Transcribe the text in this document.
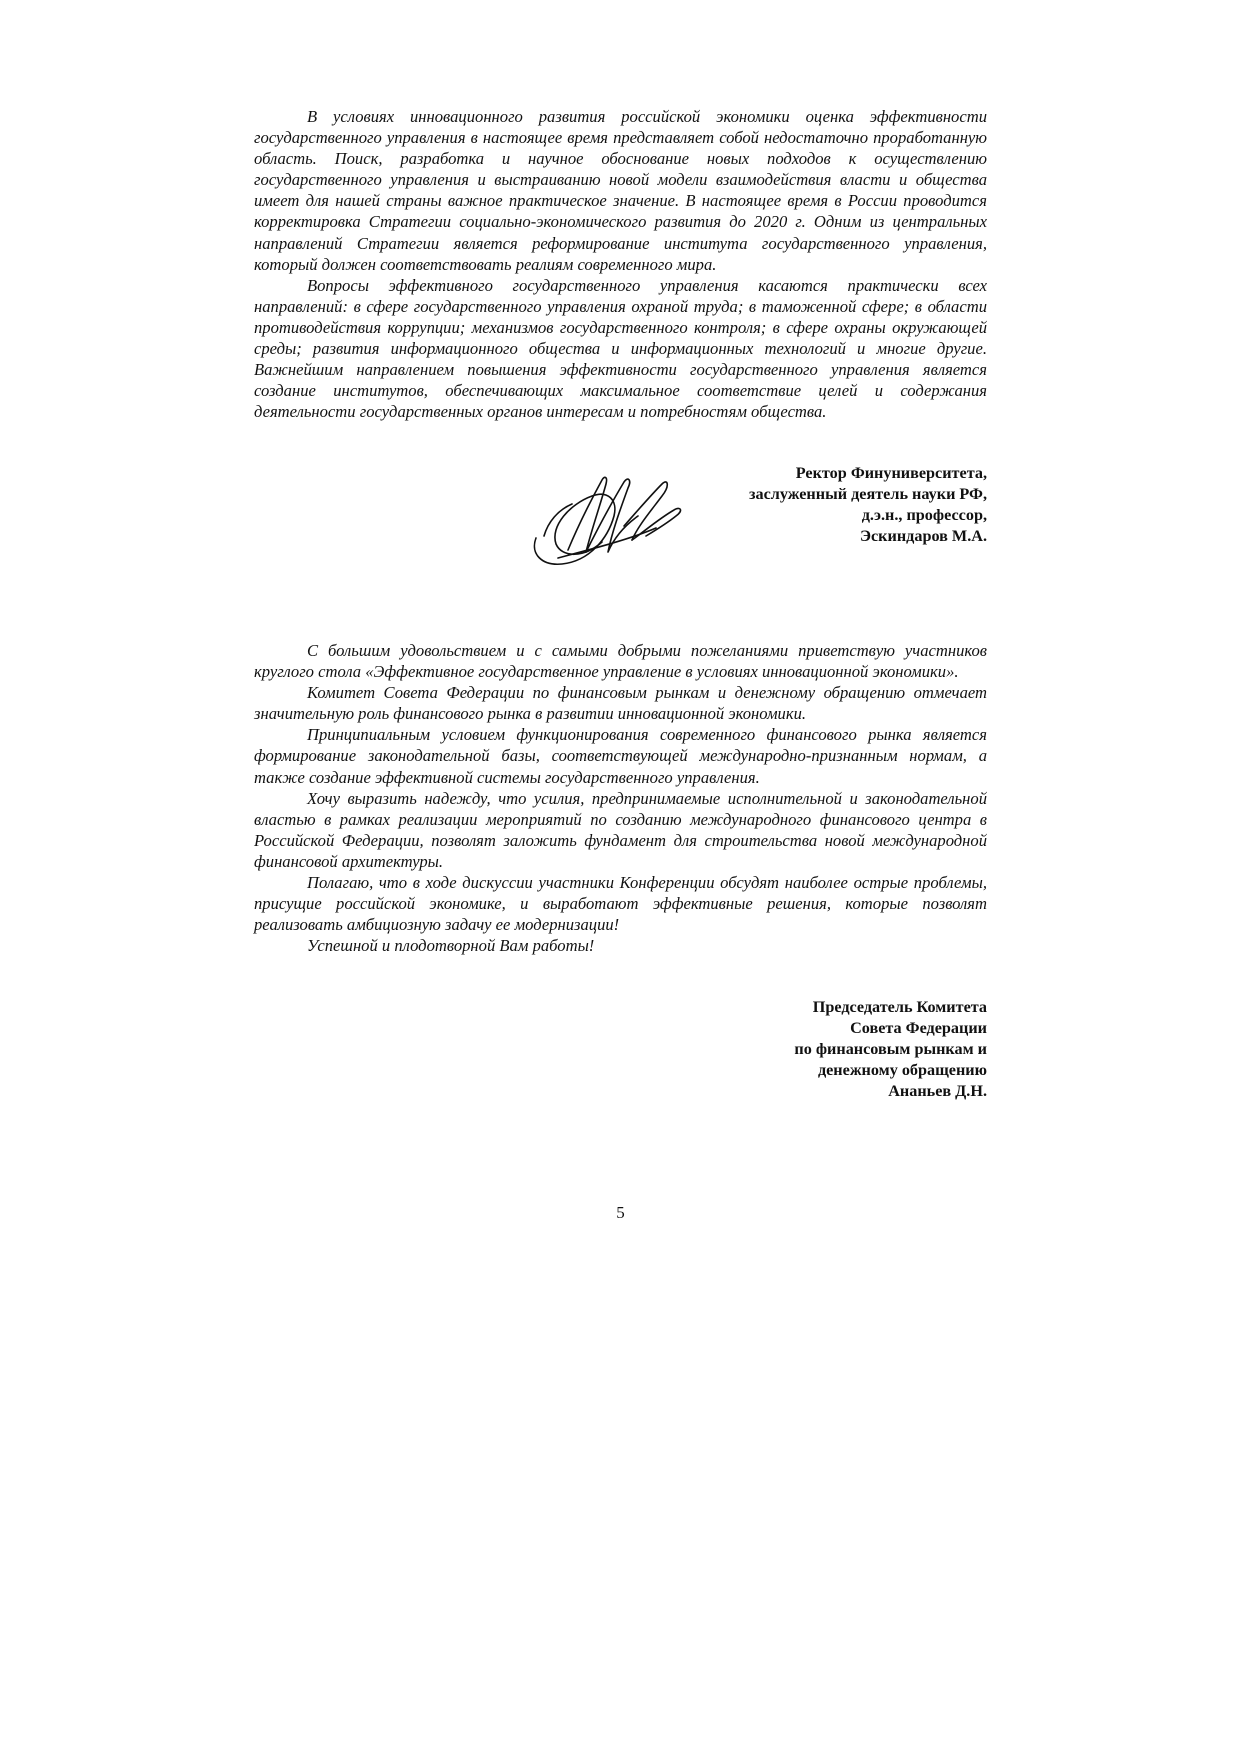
В условиях инновационного развития российской экономики оценка эффективности государственного управления в настоящее время представляет собой недостаточно проработанную область. Поиск, разработка и научное обоснование новых подходов к осуществлению государственного управления и выстраиванию новой модели взаимодействия власти и общества имеет для нашей страны важное практическое значение. В настоящее время в России проводится корректировка Стратегии социально-экономического развития до 2020 г. Одним из центральных направлений Стратегии является реформирование института государственного управления, который должен соответствовать реалиям современного мира.

Вопросы эффективного государственного управления касаются практически всех направлений: в сфере государственного управления охраной труда; в таможенной сфере; в области противодействия коррупции; механизмов государственного контроля; в сфере охраны окружающей среды; развития информационного общества и информационных технологий и многие другие. Важнейшим направлением повышения эффективности государственного управления является создание институтов, обеспечивающих максимальное соответствие целей и содержания деятельности государственных органов интересам и потребностям общества.

Ректор Финуниверситета,
заслуженный деятель науки РФ,
д.э.н., профессор,
Эскиндаров М.А.

С большим удовольствием и с самыми добрыми пожеланиями приветствую участников круглого стола «Эффективное государственное управление в условиях инновационной экономики».

Комитет Совета Федерации по финансовым рынкам и денежному обращению отмечает значительную роль финансового рынка в развитии инновационной экономики.

Принципиальным условием функционирования современного финансового рынка является формирование законодательной базы, соответствующей международно-признанным нормам, а также создание эффективной системы государственного управления.

Хочу выразить надежду, что усилия, предпринимаемые исполнительной и законодательной властью в рамках реализации мероприятий по созданию международного финансового центра в Российской Федерации, позволят заложить фундамент для строительства новой международной финансовой архитектуры.

Полагаю, что в ходе дискуссии участники Конференции обсудят наиболее острые проблемы, присущие российской экономике, и выработают эффективные решения, которые позволят реализовать амбициозную задачу ее модернизации!

Успешной и плодотворной Вам работы!

Председатель Комитета
Совета Федерации
по финансовым рынкам и
денежному обращению
Ананьев Д.Н.
5
